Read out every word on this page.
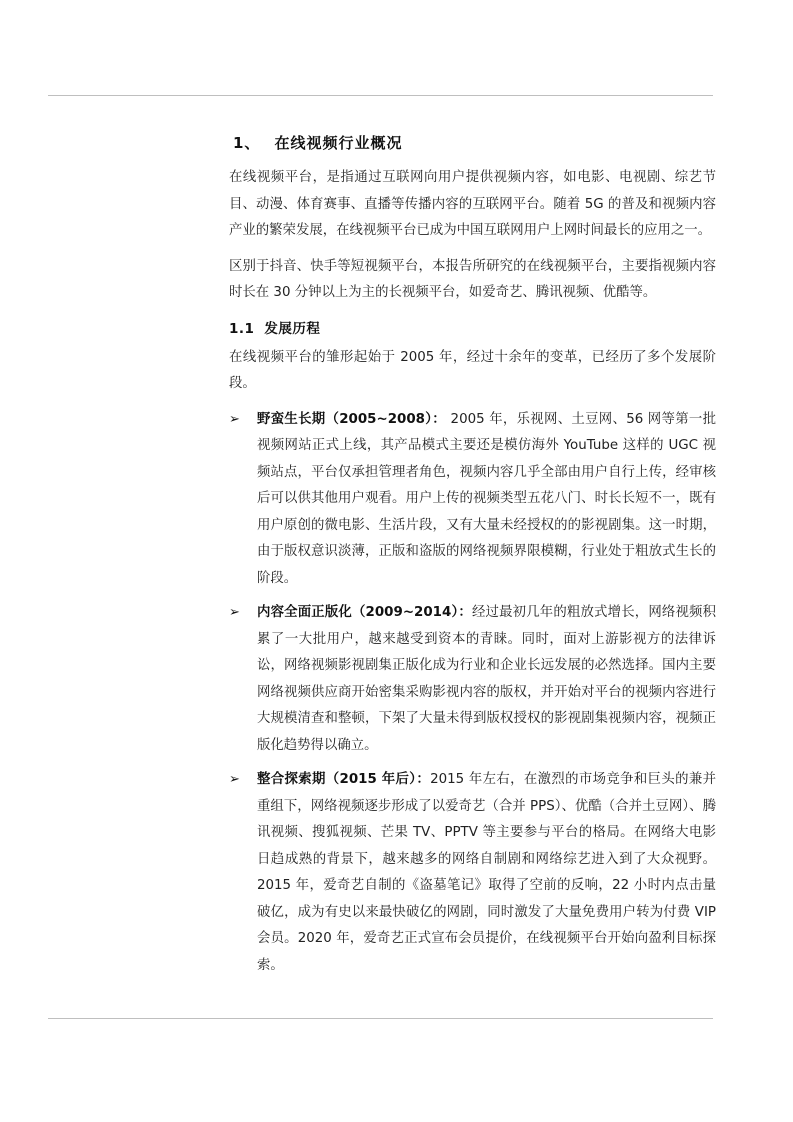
1、 在线视频行业概况
在线视频平台，是指通过互联网向用户提供视频内容，如电影、电视剧、综艺节目、动漫、体育赛事、直播等传播内容的互联网平台。随着 5G 的普及和视频内容产业的繁荣发展，在线视频平台已成为中国互联网用户上网时间最长的应用之一。
区别于抖音、快手等短视频平台，本报告所研究的在线视频平台，主要指视频内容时长在 30 分钟以上为主的长视频平台，如爱奇艺、腾讯视频、优酷等。
1.1 发展历程
在线视频平台的雏形起始于 2005 年，经过十余年的变革，已经历了多个发展阶段。
➢ 野蛮生长期（2005~2008）： 2005 年，乐视网、土豆网、56 网等第一批视频网站正式上线，其产品模式主要还是模仿海外 YouTube 这样的 UGC 视频站点，平台仅承担管理者角色，视频内容几乎全部由用户自行上传，经审核后可以供其他用户观看。用户上传的视频类型五花八门、时长长短不一，既有用户原创的微电影、生活片段，又有大量未经授权的的影视剧集。这一时期，由于版权意识淡薄，正版和盗版的网络视频界限模糊，行业处于粗放式生长的阶段。
➢ 内容全面正版化（2009~2014）：经过最初几年的粗放式增长，网络视频积累了一大批用户，越来越受到资本的青睐。同时，面对上游影视方的法律诉讼，网络视频影视剧集正版化成为行业和企业长远发展的必然选择。国内主要网络视频供应商开始密集采购影视内容的版权，并开始对平台的视频内容进行大规模清查和整顿，下架了大量未得到版权授权的影视剧集视频内容，视频正版化趋势得以确立。
➢ 整合探索期（2015 年后）：2015 年左右，在激烈的市场竞争和巨头的兼并重组下，网络视频逐步形成了以爱奇艺（合并 PPS）、优酷（合并土豆网）、腾讯视频、搜狐视频、芒果 TV、PPTV 等主要参与平台的格局。在网络大电影日趋成熟的背景下，越来越多的网络自制剧和网络综艺进入到了大众视野。2015 年，爱奇艺自制的《盗墓笔记》取得了空前的反响，22 小时内点击量破亿，成为有史以来最快破亿的网剧，同时激发了大量免费用户转为付费 VIP 会员。2020 年，爱奇艺正式宣布会员提价，在线视频平台开始向盈利目标探索。
